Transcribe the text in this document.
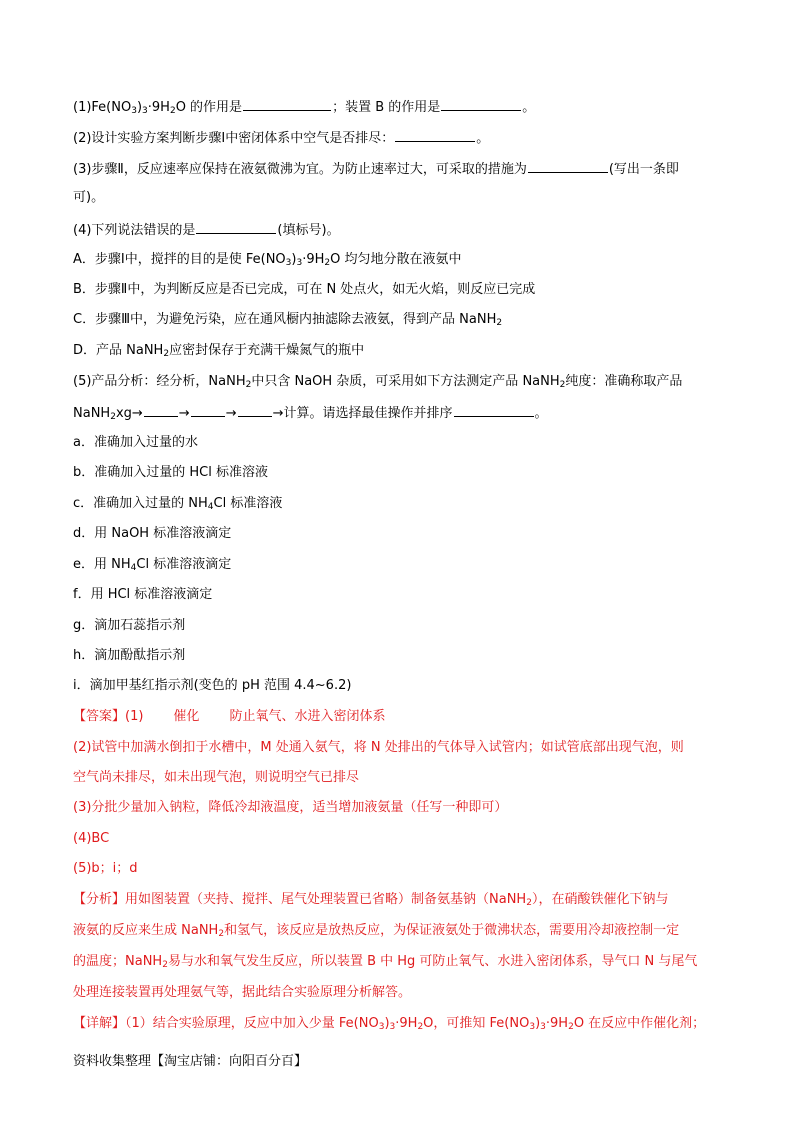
$(1)Fe(NO_3)_3\cdot 9H_2O$ 的作用是	；装置 B 的作用是	。
(2)设计实验方案判断步骤Ⅰ中密闭体系中空气是否排尽：	。
(3)步骤Ⅱ，反应速率应保持在液氨微沸为宜。为防止速率过大，可采取的措施为	(写出一条即
可)。
(4)下列说法错误的是	(填标号)。
A．步骤Ⅰ中，搅拌的目的是使 $Fe(NO_3)_3\cdot 9H_2O$ 均匀地分散在液氨中
B．步骤Ⅱ中，为判断反应是否已完成，可在 N 处点火，如无火焰，则反应已完成
C．步骤Ⅲ中，为避免污染，应在通风橱内抽滤除去液氨，得到产品 NaNH$_2$
D．产品 NaNH$_2$应密封保存于充满干燥氮气的瓶中
(5)产品分析：经分析，NaNH$_2$中只含 NaOH 杂质，可采用如下方法测定产品 NaNH$_2$纯度：准确称取产品
NaNH$_2$xg→	→	→	→计算。请选择最佳操作并排序	。
a．准确加入过量的水
b．准确加入过量的 HCl 标准溶液
c．准确加入过量的 $NH_4Cl$ 标准溶液
d．用 NaOH 标准溶液滴定
e．用 $NH_4Cl$ 标准溶液滴定
f．用 HCl 标准溶液滴定
g．滴加石蕊指示剂
h．滴加酚酞指示剂
i．滴加甲基红指示剂(变色的 pH 范围 4.4~6.2)
【答案】(1) 催化 防止氧气、水进入密闭体系
(2)试管中加满水倒扣于水槽中，M 处通入氨气，将 N 处排出的气体导入试管内；如试管底部出现气泡，则
空气尚未排尽，如未出现气泡，则说明空气已排尽
(3)分批少量加入钠粒，降低冷却液温度，适当增加液氨量（任写一种即可）
(4)BC
(5)b；i；d
【分析】用如图装置（夹持、搅拌、尾气处理装置已省略）制备氨基钠（NaNH$_2$），在硝酸铁催化下钠与
液氨的反应来生成 NaNH$_2$和氢气，该反应是放热反应，为保证液氨处于微沸状态，需要用冷却液控制一定
的温度；NaNH$_2$易与水和氧气发生反应，所以装置 B 中 Hg 可防止氧气、水进入密闭体系，导气口 N 与尾气
处理连接装置再处理氨气等，据此结合实验原理分析解答。
【详解】（1）结合实验原理，反应中加入少量 $Fe(NO_3)_3\cdot 9H_2O$，可推知 $Fe(NO_3)_3\cdot 9H_2O$ 在反应中作催化剂；
资料收集整理【淘宝店铺：向阳百分百】
